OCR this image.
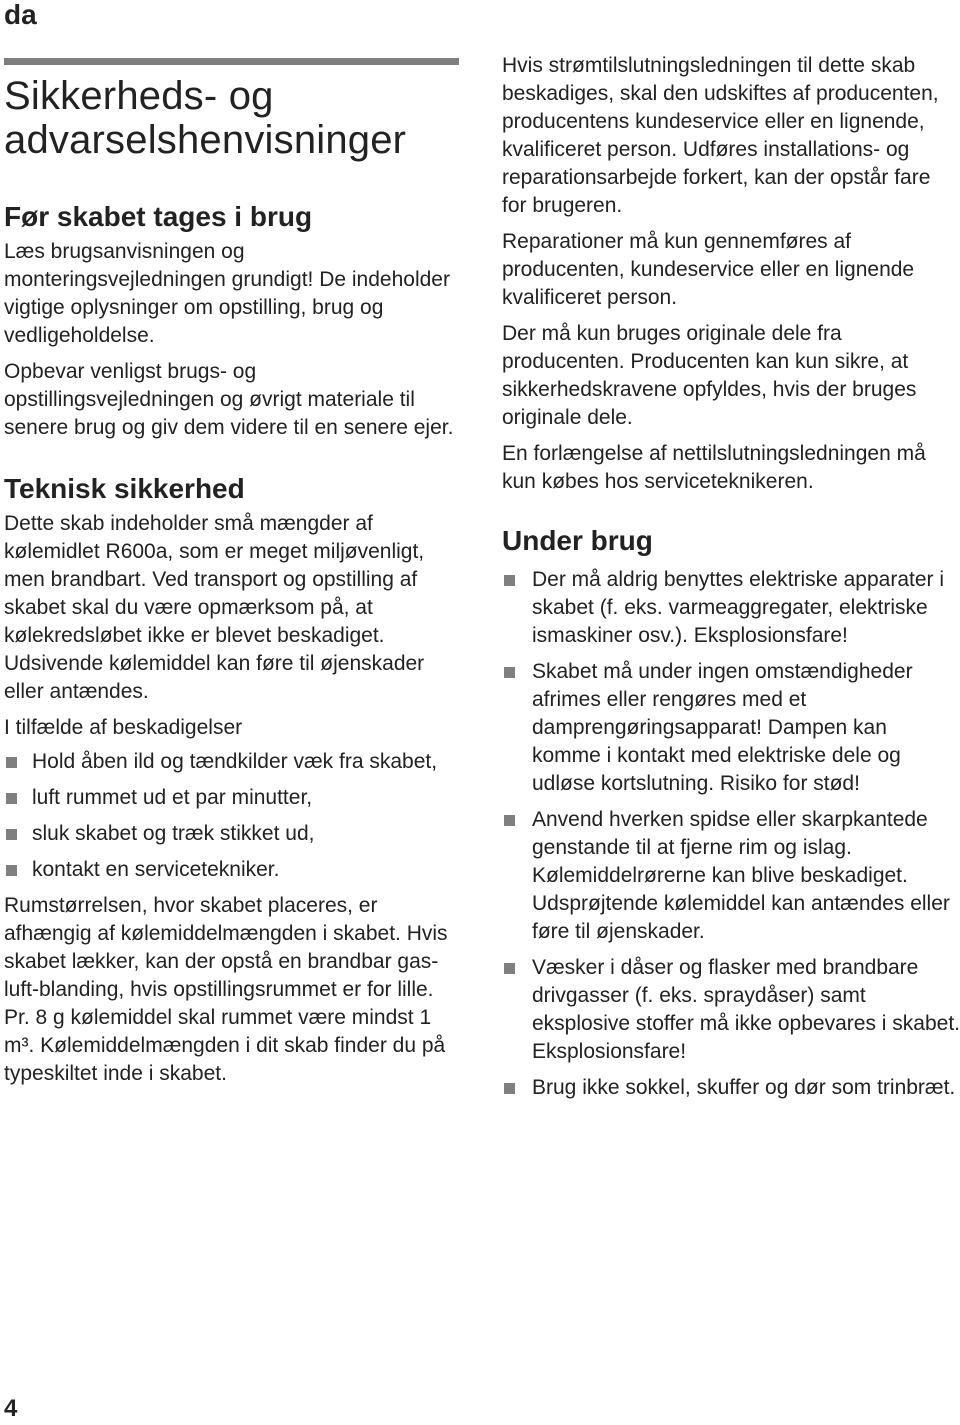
da
Sikkerheds- og advarselshenvisninger
Før skabet tages i brug

Læs brugsanvisningen og monteringsvejledningen grundigt! De indeholder vigtige oplysninger om opstilling, brug og vedligeholdelse.

Opbevar venligst brugs- og opstillingsvejledningen og øvrigt materiale til senere brug og giv dem videre til en senere ejer.

Teknisk sikkerhed

Dette skab indeholder små mængder af kølemidlet R600a, som er meget miljøvenligt, men brandbart. Ved transport og opstilling af skabet skal du være opmærksom på, at kølekredsløbet ikke er blevet beskadiget. Udsivende kølemiddel kan føre til øjenskader eller antændes.

I tilfælde af beskadigelser

Hold åben ild og tændkilder væk fra skabet,
luft rummet ud et par minutter,
sluk skabet og træk stikket ud,
kontakt en servicetekniker.

Rumstørrelsen, hvor skabet placeres, er afhængig af kølemiddelmængden i skabet. Hvis skabet lækker, kan der opstå en brandbar gas-luft-blanding, hvis opstillingsrummet er for lille.

Pr. 8 g kølemiddel skal rummet være mindst 1 m³. Kølemiddelmængden i dit skab finder du på typeskiltet inde i skabet.

Hvis strømtilslutningsledningen til dette skab beskadiges, skal den udskiftes af producenten, producentens kundeservice eller en lignende, kvalificeret person. Udføres installations- og reparationsarbejde forkert, kan der opstår fare for brugeren.

Reparationer må kun gennemføres af producenten, kundeservice eller en lignende kvalificeret person.

Der må kun bruges originale dele fra producenten. Producenten kan kun sikre, at sikkerhedskravene opfyldes, hvis der bruges originale dele.

En forlængelse af nettilslutningsledningen må kun købes hos serviceteknikeren.

Under brug
Der må aldrig benyttes elektriske apparater i skabet (f. eks. varmeaggregater, elektriske ismaskiner osv.). Eksplosionsfare!
Skabet må under ingen omstændigheder afrimes eller rengøres med et damprengøringsapparat! Dampen kan komme i kontakt med elektriske dele og udløse kortslutning. Risiko for stød!
Anvend hverken spidse eller skarpkantede genstande til at fjerne rim og islag. Kølemiddelrørerne kan blive beskadiget. Udsprøjtende kølemiddel kan antændes eller føre til øjenskader.
Væsker i dåser og flasker med brandbare drivgasser (f. eks. spraydåser) samt eksplosive stoffer må ikke opbevares i skabet. Eksplosionsfare!
Brug ikke sokkel, skuffer og dør som trinbræt.
4
